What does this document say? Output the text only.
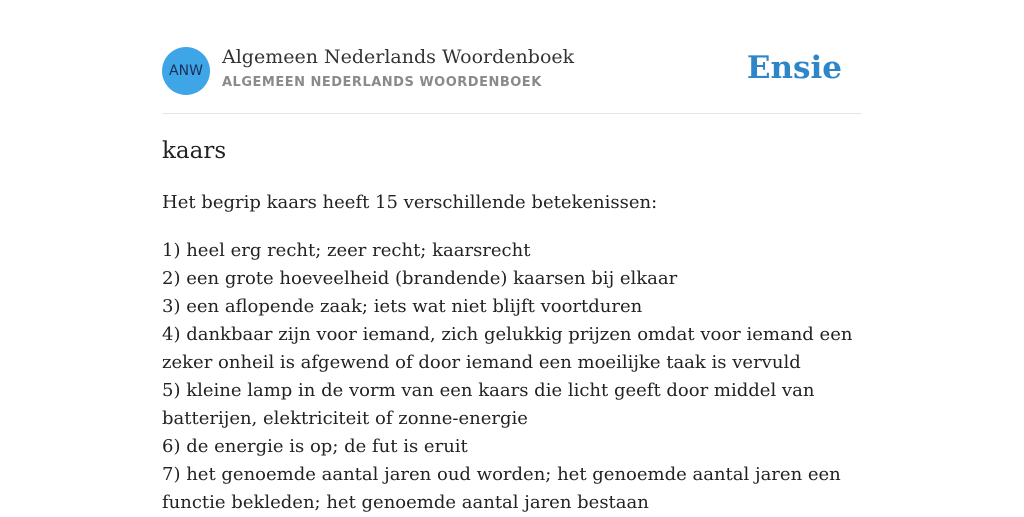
ANW
Algemeen Nederlands Woordenboek
ALGEMEEN NEDERLANDS WOORDENBOEK	Ensie
kaars
Het begrip kaars heeft 15 verschillende betekenissen:
1) heel erg recht; zeer recht; kaarsrecht
2) een grote hoeveelheid (brandende) kaarsen bij elkaar
3) een aflopende zaak; iets wat niet blijft voortduren
4) dankbaar zijn voor iemand, zich gelukkig prijzen omdat voor iemand een zeker onheil is afgewend of door iemand een moeilijke taak is vervuld
5) kleine lamp in de vorm van een kaars die licht geeft door middel van batterijen, elektriciteit of zonne-energie
6) de energie is op; de fut is eruit
7) het genoemde aantal jaren oud worden; het genoemde aantal jaren een functie bekleden; het genoemde aantal jaren bestaan
